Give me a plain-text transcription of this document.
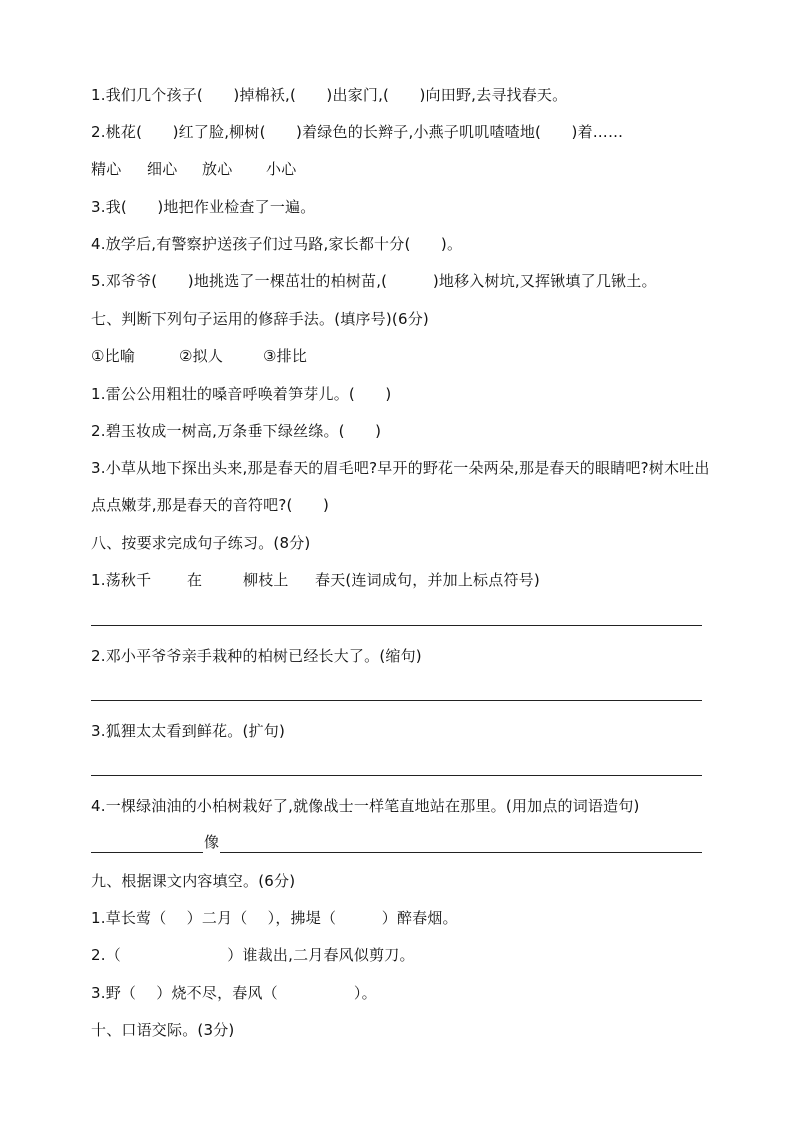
1.我们几个孩子(　　)掉棉袄,(　　)出家门,(　　)向田野,去寻找春天。
2.桃花(　　)红了脸,柳树(　　)着绿色的长辫子,小燕子叽叽喳喳地(　　)着……
精心	细心	放心	小心
3.我(　　)地把作业检查了一遍。
4.放学后,有警察护送孩子们过马路,家长都十分(　　)。
5.邓爷爷(　　)地挑选了一棵茁壮的柏树苗,(　　　)地移入树坑,又挥锹填了几锹土。
七、判断下列句子运用的修辞手法。(填序号)(6分)
①比喻	②拟人	③排比
1.雷公公用粗壮的嗓音呼唤着笋芽儿。(　　)
2.碧玉妆成一树高,万条垂下绿丝绦。(　　)
3.小草从地下探出头来,那是春天的眉毛吧?早开的野花一朵两朵,那是春天的眼睛吧?树木吐出点点嫩芽,那是春天的音符吧?(　　)
八、按要求完成句子练习。(8分)
1.荡秋千	在	柳枝上	春天(连词成句，并加上标点符号)
2.邓小平爷爷亲手栽种的柏树已经长大了。(缩句)
3.狐狸太太看到鲜花。(扩句)
4.一棵绿油油的小柏树栽好了,就像战士一样笔直地站在那里。(用加点的词语造句)
像
九、根据课文内容填空。(6分)
1.草长莺（　 ）二月（　 ），拂堤（　　　）醉春烟。
2.（　　　　　　　）谁裁出,二月春风似剪刀。
3.野（　 ）烧不尽，春风（　　　　　）。
十、口语交际。(3分)
